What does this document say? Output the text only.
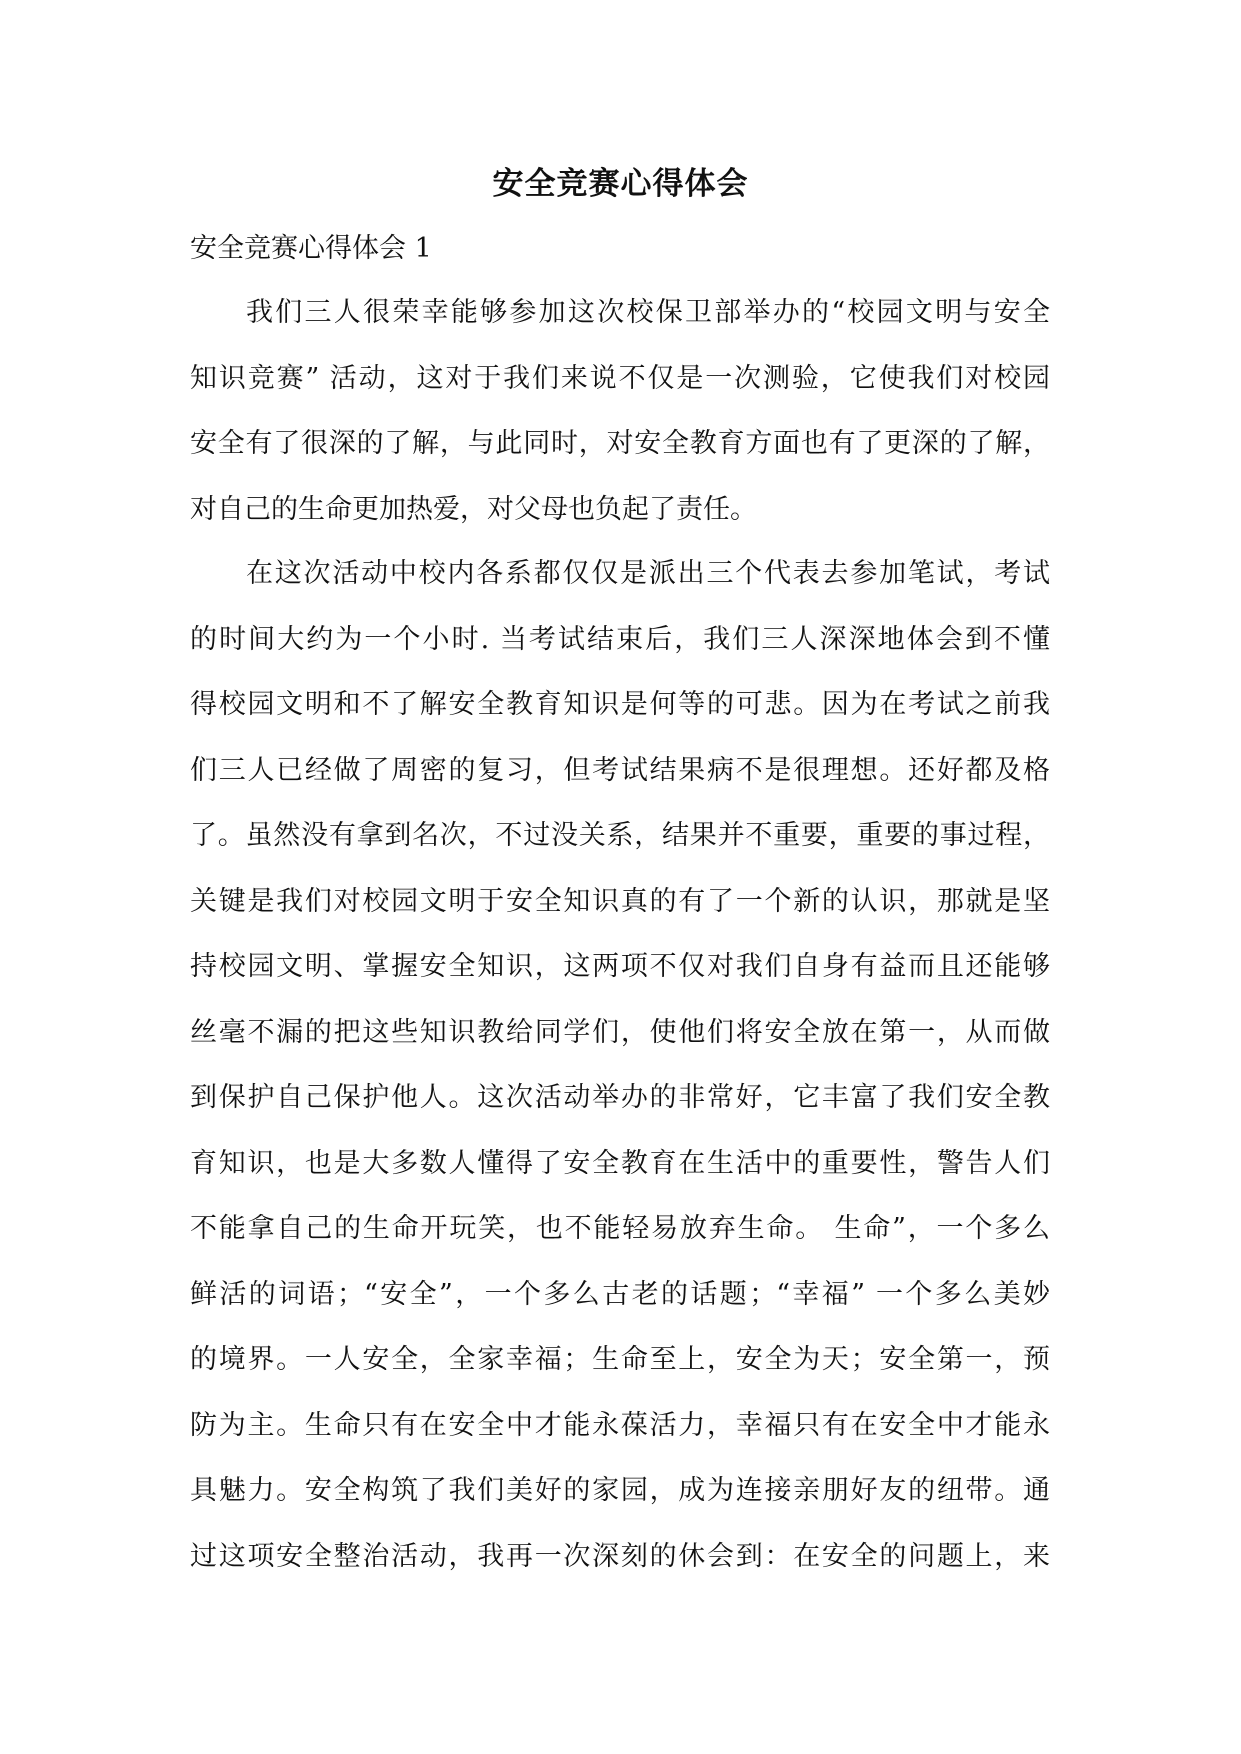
安全竞赛心得体会
安全竞赛心得体会 1
我们三人很荣幸能够参加这次校保卫部举办的“校园文明与安全
知识竞赛” 活动，这对于我们来说不仅是一次测验，它使我们对校园
安全有了很深的了解，与此同时，对安全教育方面也有了更深的了解，
对自己的生命更加热爱，对父母也负起了责任。
在这次活动中校内各系都仅仅是派出三个代表去参加笔试，考试
的时间大约为一个小时. 当考试结束后，我们三人深深地体会到不懂
得校园文明和不了解安全教育知识是何等的可悲。因为在考试之前我
们三人已经做了周密的复习，但考试结果病不是很理想。还好都及格
了。虽然没有拿到名次，不过没关系，结果并不重要，重要的事过程，
关键是我们对校园文明于安全知识真的有了一个新的认识，那就是坚
持校园文明、掌握安全知识，这两项不仅对我们自身有益而且还能够
丝毫不漏的把这些知识教给同学们，使他们将安全放在第一，从而做
到保护自己保护他人。这次活动举办的非常好，它丰富了我们安全教
育知识，也是大多数人懂得了安全教育在生活中的重要性，警告人们
不能拿自己的生命开玩笑，也不能轻易放弃生命。 生命”，一个多么
鲜活的词语；“安全”，一个多么古老的话题；“幸福” 一个多么美妙
的境界。一人安全，全家幸福；生命至上，安全为天；安全第一，预
防为主。生命只有在安全中才能永葆活力，幸福只有在安全中才能永
具魅力。安全构筑了我们美好的家园，成为连接亲朋好友的纽带。通
过这项安全整治活动，我再一次深刻的休会到：在安全的问题上，来
